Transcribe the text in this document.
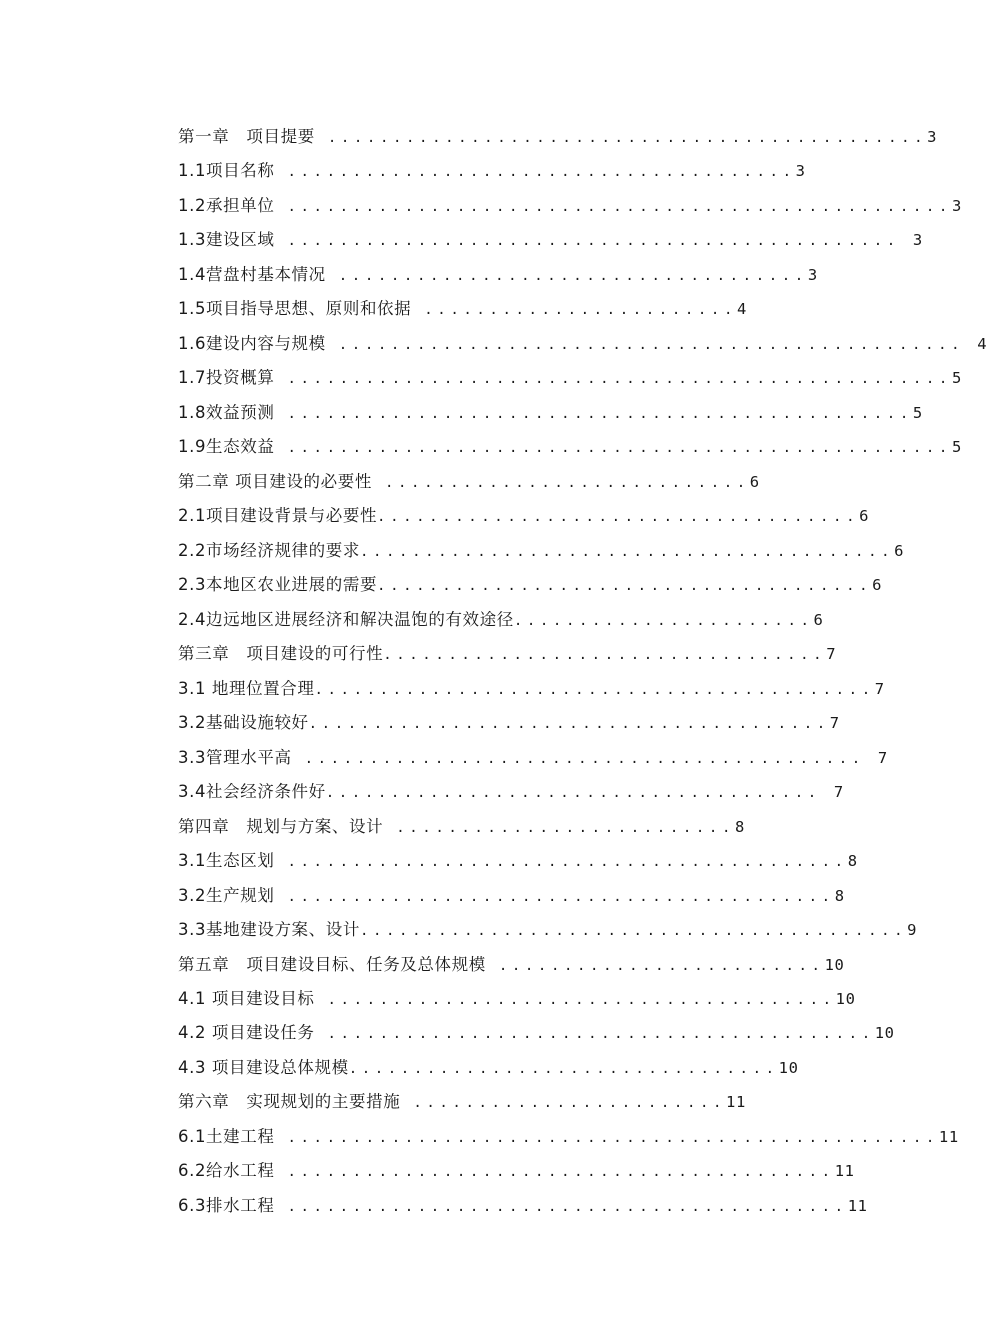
第一章　项目提要 ..............................................3
1.1项目名称 .......................................3
1.2承担单位 ...................................................3
1.3建设区域 ............................................... 3
1.4营盘村基本情况 ....................................3
1.5项目指导思想、原则和依据 ........................4
1.6建设内容与规模 ................................................ 4
1.7投资概算 ...................................................5
1.8效益预测 ................................................5
1.9生态效益 ...................................................5
第二章 项目建设的必要性 ............................6
2.1项目建设背景与必要性.....................................6
2.2市场经济规律的要求.........................................6
2.3本地区农业进展的需要......................................6
2.4边远地区进展经济和解决温饱的有效途径.......................6
第三章　项目建设的可行性..................................7
3.1 地理位置合理...........................................7
3.2基础设施较好........................................7
3.3管理水平高 ........................................... 7
3.4社会经济条件好...................................... 7
第四章　规划与方案、设计 ..........................8
3.1生态区划 ...........................................8
3.2生产规划 ..........................................8
3.3基地建设方案、设计..........................................9
第五章　项目建设目标、任务及总体规模 .........................10
4.1 项目建设目标 .......................................10
4.2 项目建设任务 ..........................................10
4.3 项目建设总体规模.................................10
第六章　实现规划的主要措施 ........................11
6.1土建工程 ..................................................11
6.2给水工程 ..........................................11
6.3排水工程 ...........................................11
